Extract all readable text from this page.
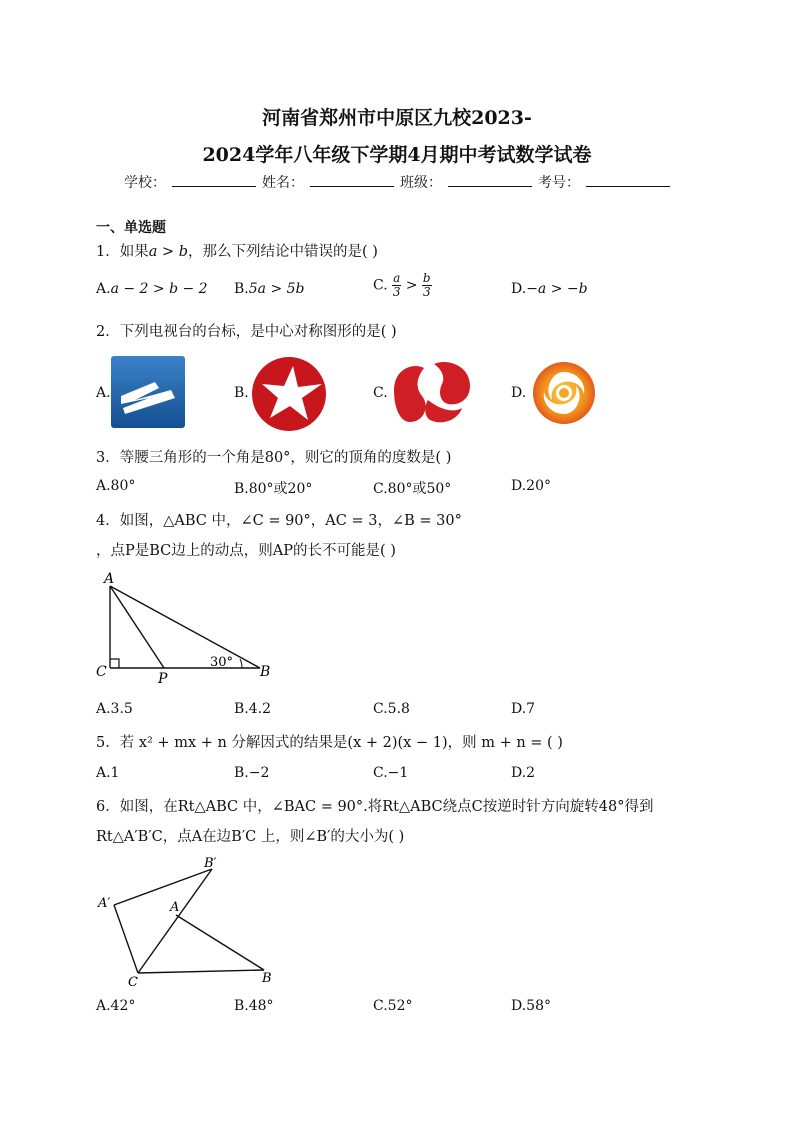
河南省郑州市中原区九校2023-
2024学年八年级下学期4月期中考试数学试卷
学校：	姓名：	班级：	考号：
一、单选题
1．如果a > b，那么下列结论中错误的是( )
A.a − 2 > b − 2 B.5a > 5b	C. $\frac{a}{3} > \frac{b}{3}$	D.−a > −b
2．下列电视台的台标，是中心对称图形的是( )
A.	B.	C.	D.
3．等腰三角形的一个角是80°，则它的顶角的度数是( )
A.80°	B.80°或20°	C.80°或50°	D.20°
4．如图，△ABC 中，∠C = 90°，AC = 3，∠B = 30°
，点P是BC边上的动点，则AP的长不可能是( )
A
C	P	B
30°
A.3.5	B.4.2	C.5.8	D.7
5．若 x² + mx + n 分解因式的结果是(x + 2)(x − 1)，则 m + n = ( )
A.1	B.−2	C.−1	D.2
6．如图，在Rt△ABC 中，∠BAC = 90°.将Rt△ABC绕点C按逆时针方向旋转48°得到
Rt△A′B′C，点A在边B′C 上，则∠B′的大小为( )
B′
A′	A
C	B
A.42°	B.48°	C.52°	D.58°
